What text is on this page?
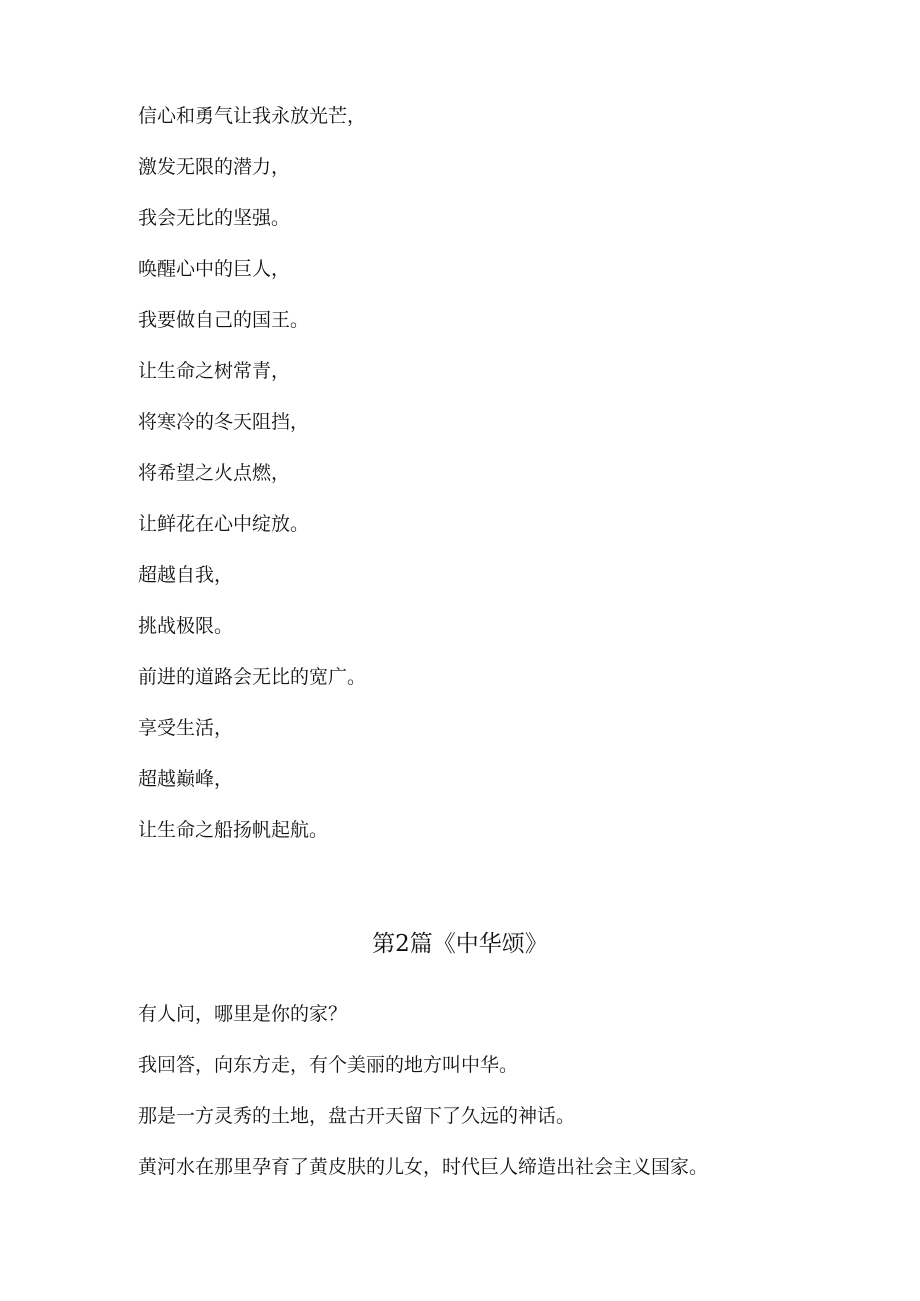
信心和勇气让我永放光芒，
激发无限的潜力，
我会无比的坚强。
唤醒心中的巨人，
我要做自己的国王。
让生命之树常青，
将寒冷的冬天阻挡，
将希望之火点燃，
让鲜花在心中绽放。
超越自我，
挑战极限。
前进的道路会无比的宽广。
享受生活，
超越巅峰，
让生命之船扬帆起航。
第2篇《中华颂》
有人问，哪里是你的家？
我回答，向东方走，有个美丽的地方叫中华。
那是一方灵秀的土地，盘古开天留下了久远的神话。
黄河水在那里孕育了黄皮肤的儿女，时代巨人缔造出社会主义国家。
